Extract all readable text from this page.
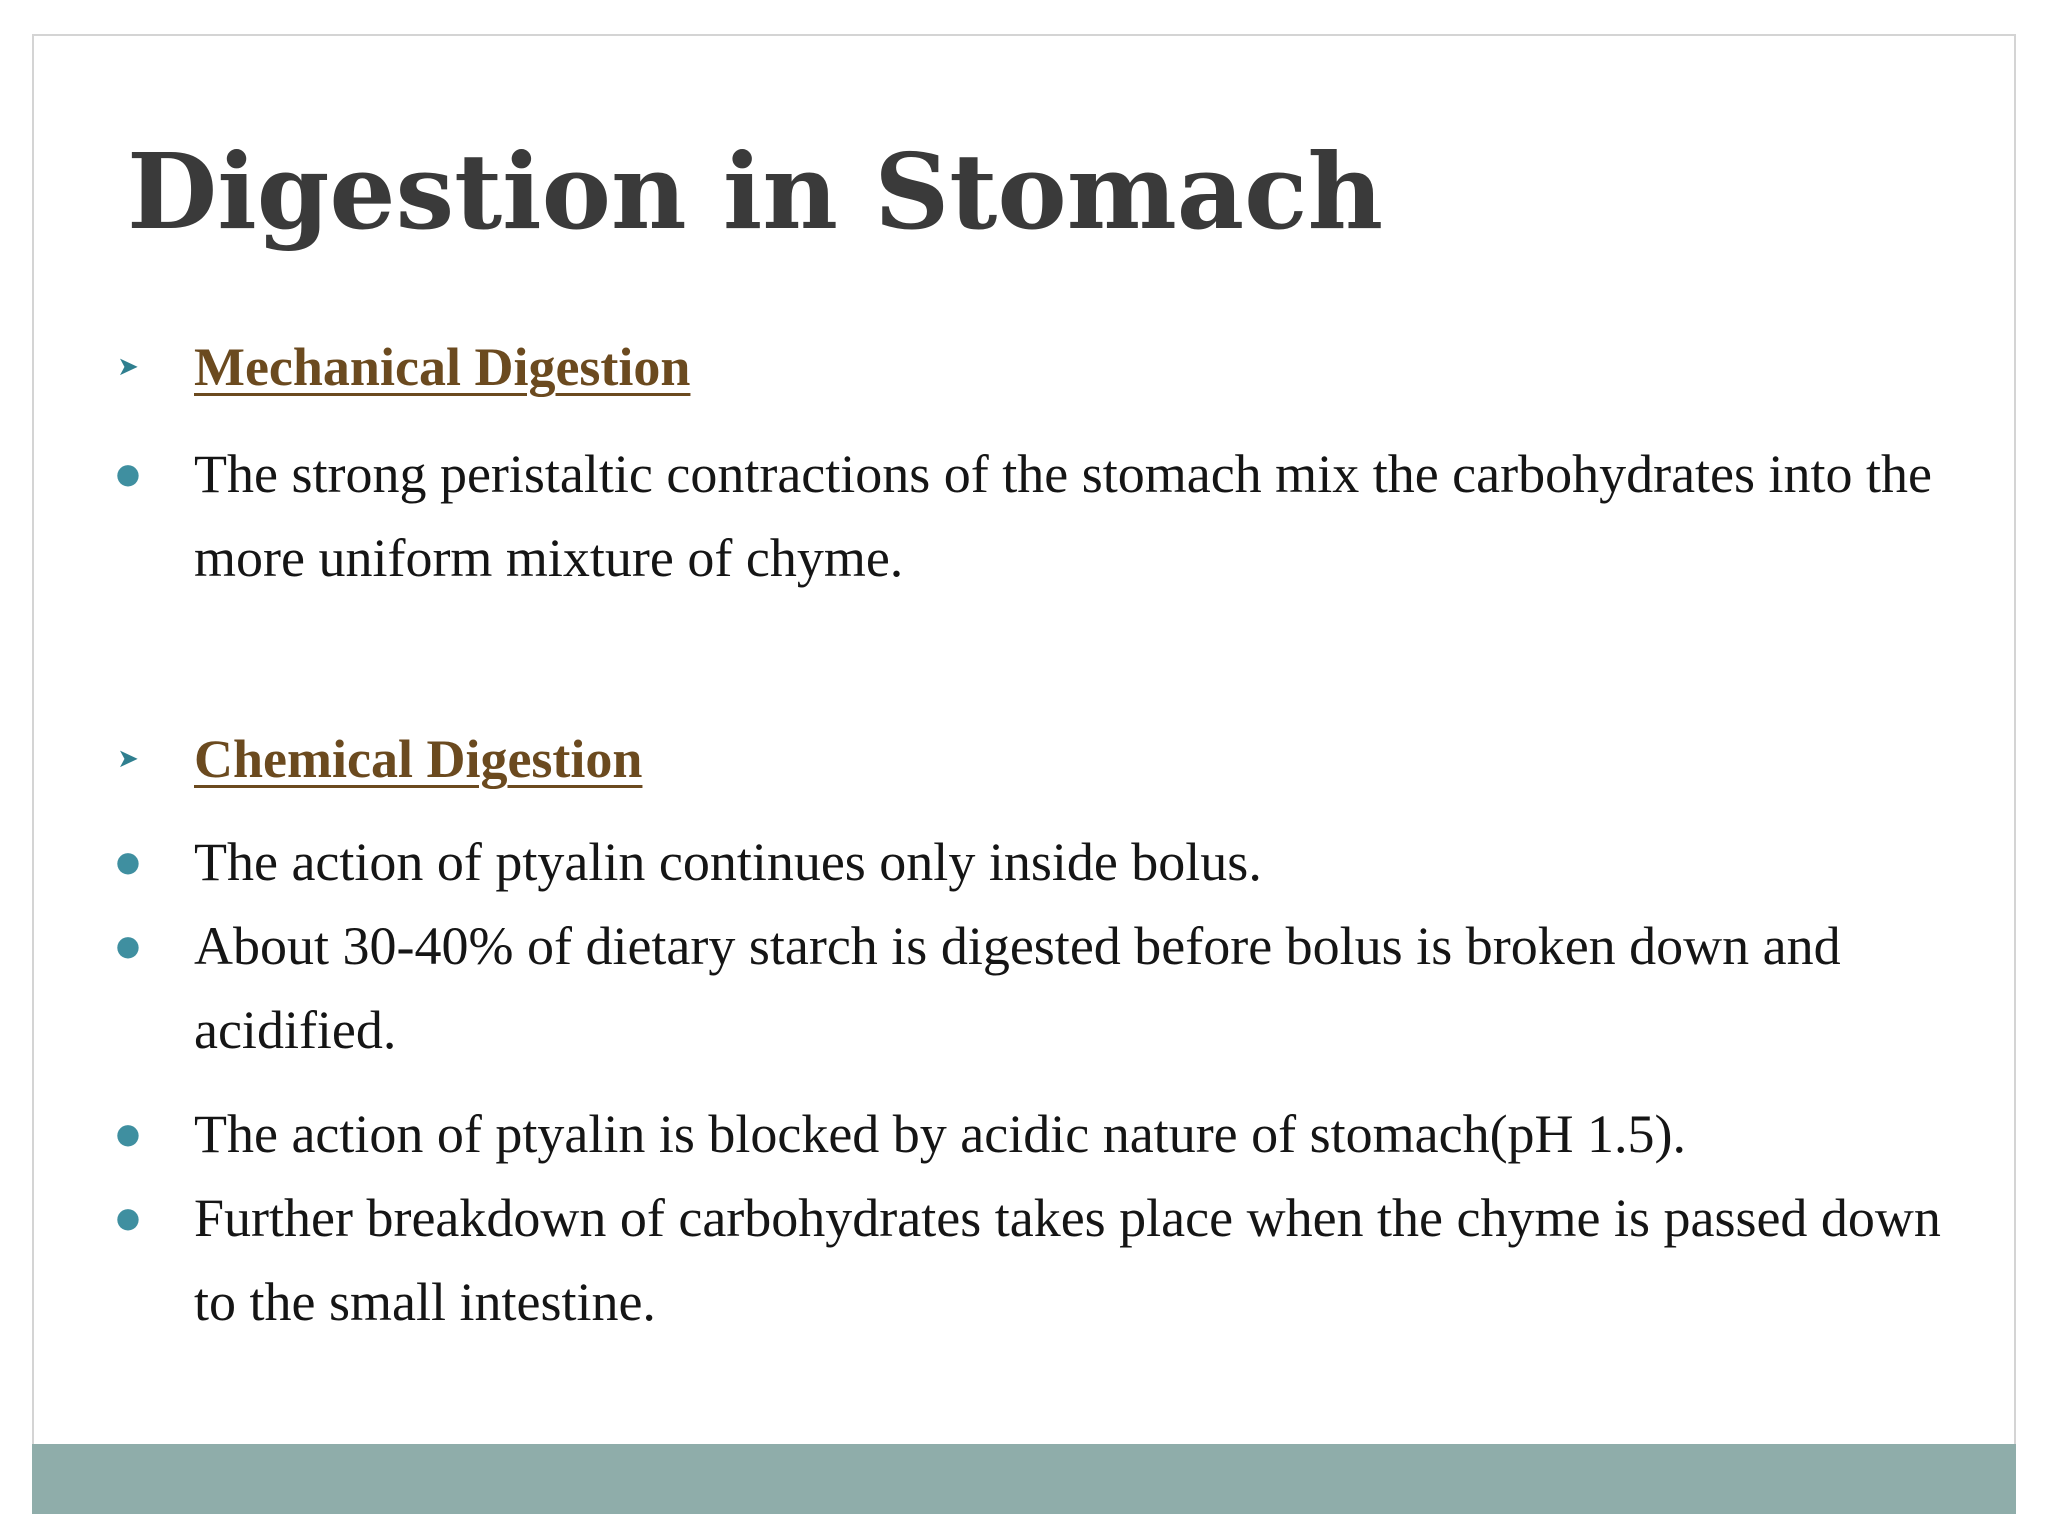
Digestion in Stomach
➤ Mechanical Digestion
● The strong peristaltic contractions of the stomach mix the carbohydrates into the more uniform mixture of chyme.
➤ Chemical Digestion
● The action of ptyalin continues only inside bolus.
● About 30-40% of dietary starch is digested before bolus is broken down and acidified.
● The action of ptyalin is blocked by acidic nature of stomach(pH 1.5).
● Further breakdown of carbohydrates takes place when the chyme is passed down to the small intestine.
